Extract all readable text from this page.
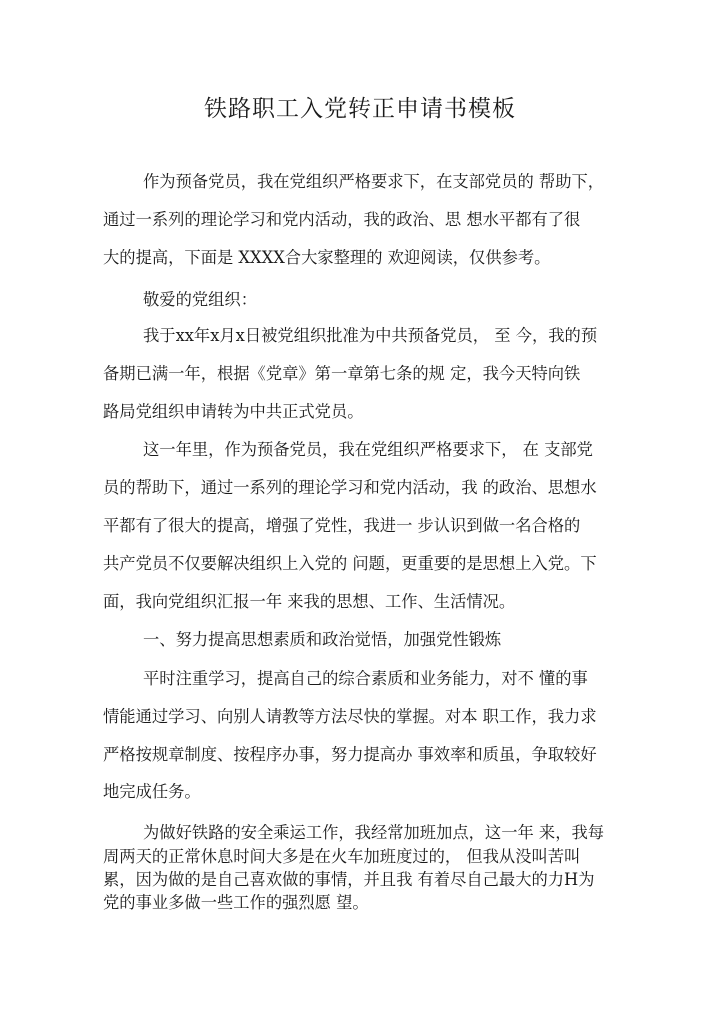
铁路职工入党转正申请书模板

作为预备党员，我在党组织严格要求下，在支部党员的 帮助下，

通过一系列的理论学习和党内活动，我的政治、思 想水平都有了很

大的提高，下面是 XXXX合大家整理的 欢迎阅读，仅供参考。

敬爱的党组织：

我于xx年x月x日被党组织批准为中共预备党员， 至 今，我的预

备期已满一年，根据《党章》第一章第七条的规 定，我今天特向铁

路局党组织申请转为中共正式党员。

这一年里，作为预备党员，我在党组织严格要求下， 在 支部党

员的帮助下，通过一系列的理论学习和党内活动，我 的政治、思想水

平都有了很大的提高，增强了党性，我进一 步认识到做一名合格的

共产党员不仅要解决组织上入党的 问题，更重要的是思想上入党。下

面，我向党组织汇报一年 来我的思想、工作、生活情况。

一、努力提高思想素质和政治觉悟，加强党性锻炼

平时注重学习，提高自己的综合素质和业务能力，对不 懂的事

情能通过学习、向别人请教等方法尽快的掌握。对本 职工作，我力求

严格按规章制度、按程序办事，努力提高办 事效率和质虽，争取较好

地完成任务。

为做好铁路的安全乘运工作，我经常加班加点，这一年 来，我每

周两天的正常休息时间大多是在火车加班度过的， 但我从没叫苦叫

累，因为做的是自己喜欢做的事情，并且我 有着尽自己最大的力H为

党的事业多做一些工作的强烈愿 望。
